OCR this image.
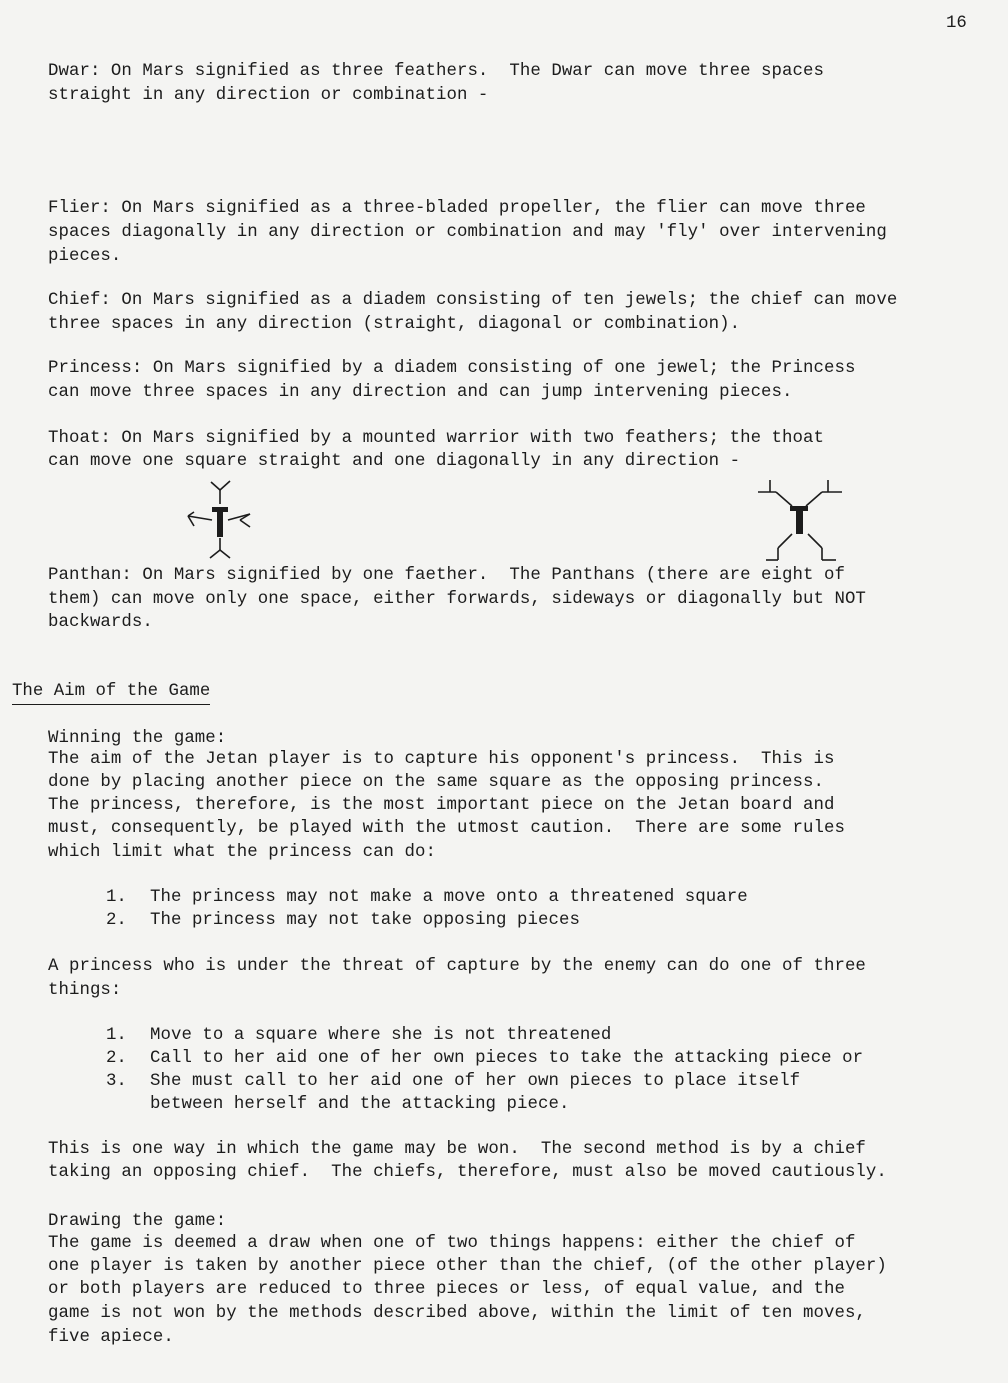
16
Dwar: On Mars signified as three feathers.  The Dwar can move three spaces
straight in any direction or combination -
Flier: On Mars signified as a three-bladed propeller, the flier can move three
spaces diagonally in any direction or combination and may 'fly' over intervening
pieces.
Chief: On Mars signified as a diadem consisting of ten jewels; the chief can move
three spaces in any direction (straight, diagonal or combination).
Princess: On Mars signified by a diadem consisting of one jewel; the Princess
can move three spaces in any direction and can jump intervening pieces.
Thoat: On Mars signified by a mounted warrior with two feathers; the thoat
can move one square straight and one diagonally in any direction -
Panthan: On Mars signified by one faether.  The Panthans (there are eight of
them) can move only one space, either forwards, sideways or diagonally but NOT
backwards.
The Aim of the Game
Winning the game:
The aim of the Jetan player is to capture his opponent's princess.  This is
done by placing another piece on the same square as the opposing princess.
The princess, therefore, is the most important piece on the Jetan board and
must, consequently, be played with the utmost caution.  There are some rules
which limit what the princess can do:
1. The princess may not make a move onto a threatened square
2. The princess may not take opposing pieces
A princess who is under the threat of capture by the enemy can do one of three
things:
1. Move to a square where she is not threatened
2. Call to her aid one of her own pieces to take the attacking piece or
3. She must call to her aid one of her own pieces to place itself
between herself and the attacking piece.
This is one way in which the game may be won.  The second method is by a chief
taking an opposing chief.  The chiefs, therefore, must also be moved cautiously.
Drawing the game:
The game is deemed a draw when one of two things happens: either the chief of
one player is taken by another piece other than the chief, (of the other player)
or both players are reduced to three pieces or less, of equal value, and the
game is not won by the methods described above, within the limit of ten moves,
five apiece.
